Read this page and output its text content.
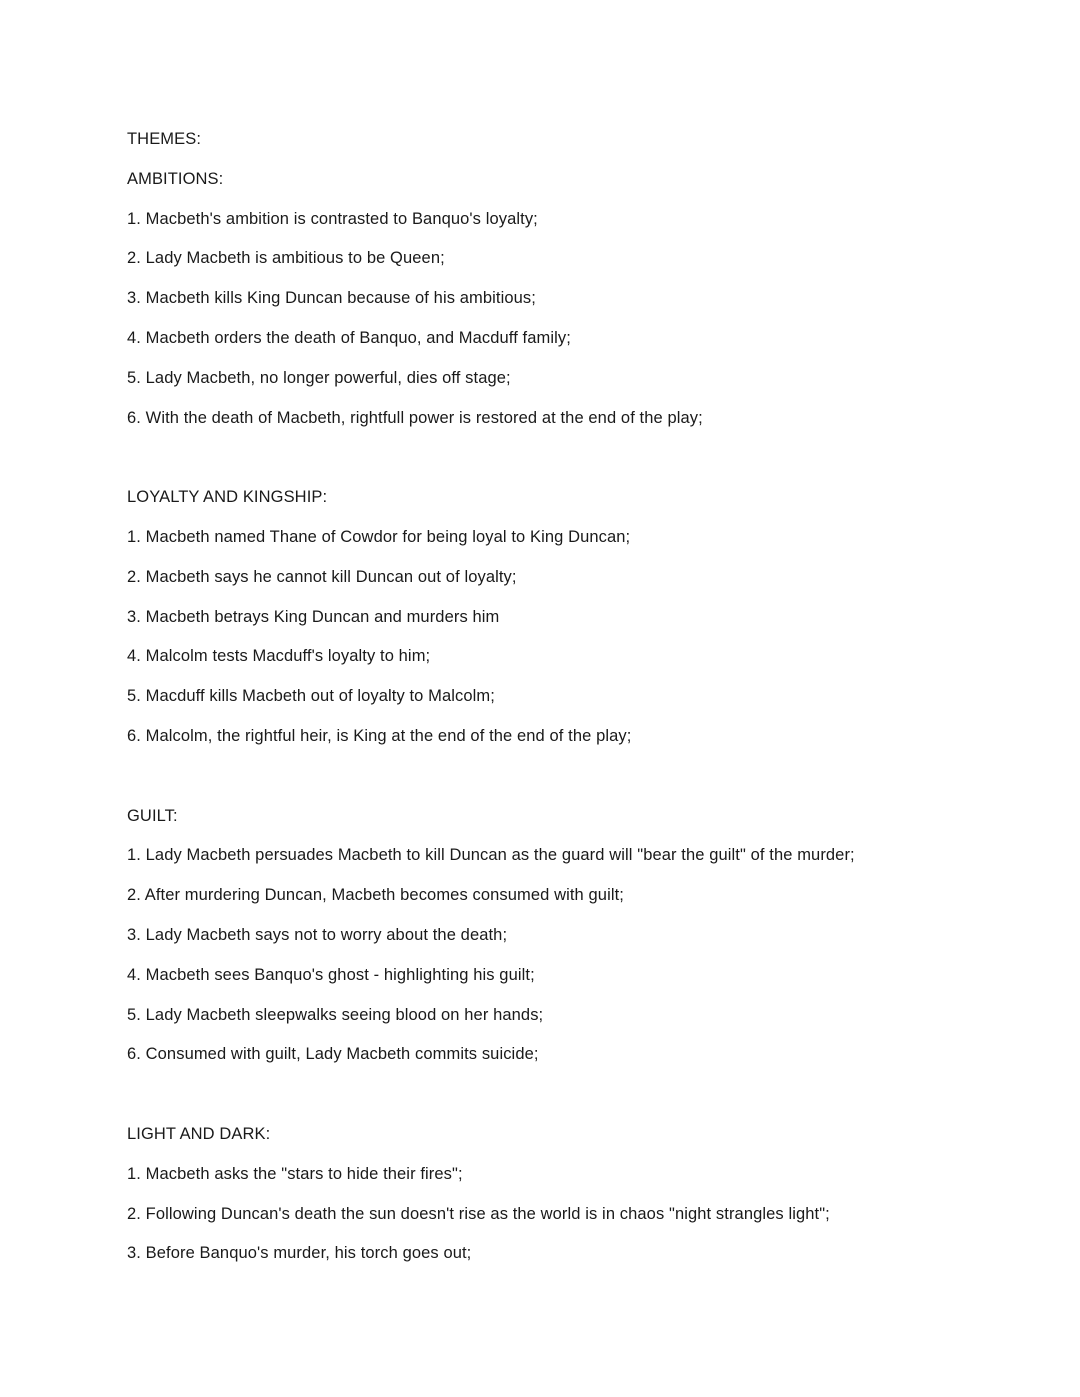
THEMES:
AMBITIONS:
1. Macbeth's ambition is contrasted to Banquo's loyalty;
2. Lady Macbeth is ambitious to be Queen;
3. Macbeth kills King Duncan because of his ambitious;
4. Macbeth orders the death of Banquo, and Macduff family;
5. Lady Macbeth, no longer powerful, dies off stage;
6. With the death of Macbeth, rightfull power is restored at the end of the play;
LOYALTY AND KINGSHIP:
1. Macbeth named Thane of Cowdor for being loyal to King Duncan;
2. Macbeth says he cannot kill Duncan out of loyalty;
3. Macbeth betrays King Duncan and murders him
4. Malcolm tests Macduff's loyalty to him;
5. Macduff kills Macbeth out of loyalty to Malcolm;
6. Malcolm, the rightful heir, is King at the end of the end of the play;
GUILT:
1. Lady Macbeth persuades Macbeth to kill Duncan as the guard will "bear the guilt" of the murder;
2. After murdering Duncan, Macbeth becomes consumed with guilt;
3. Lady Macbeth says not to worry about the death;
4. Macbeth sees Banquo's ghost - highlighting his guilt;
5. Lady Macbeth sleepwalks seeing blood on her hands;
6. Consumed with guilt, Lady Macbeth commits suicide;
LIGHT AND DARK:
1. Macbeth asks the "stars to hide their fires";
2. Following Duncan's death the sun doesn't rise as the world is in chaos "night strangles light";
3. Before Banquo's murder, his torch goes out;
